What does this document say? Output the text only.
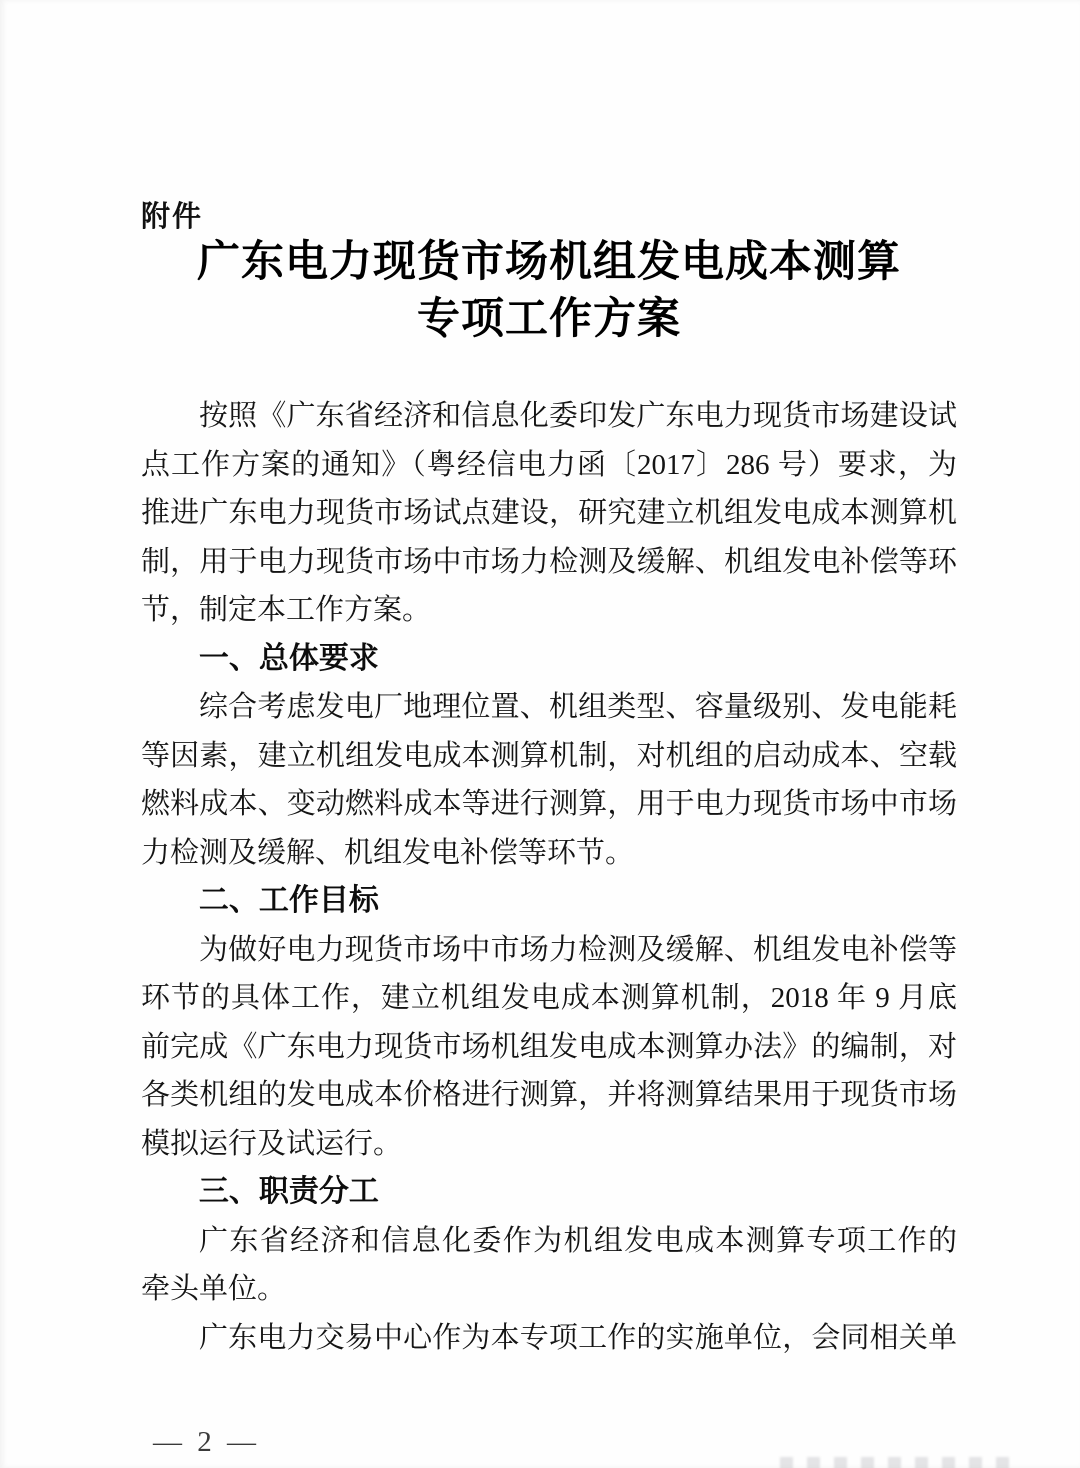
附件
广东电力现货市场机组发电成本测算
专项工作方案
按照《广东省经济和信息化委印发广东电力现货市场建设试
点工作方案的通知》（粤经信电力函〔2017〕286 号）要求，为
推进广东电力现货市场试点建设，研究建立机组发电成本测算机
制，用于电力现货市场中市场力检测及缓解、机组发电补偿等环
节，制定本工作方案。
一、总体要求
综合考虑发电厂地理位置、机组类型、容量级别、发电能耗
等因素，建立机组发电成本测算机制，对机组的启动成本、空载
燃料成本、变动燃料成本等进行测算，用于电力现货市场中市场
力检测及缓解、机组发电补偿等环节。
二、工作目标
为做好电力现货市场中市场力检测及缓解、机组发电补偿等
环节的具体工作，建立机组发电成本测算机制，2018 年 9 月底
前完成《广东电力现货市场机组发电成本测算办法》的编制，对
各类机组的发电成本价格进行测算，并将测算结果用于现货市场
模拟运行及试运行。
三、职责分工
广东省经济和信息化委作为机组发电成本测算专项工作的
牵头单位。
广东电力交易中心作为本专项工作的实施单位，会同相关单
— 2 —
